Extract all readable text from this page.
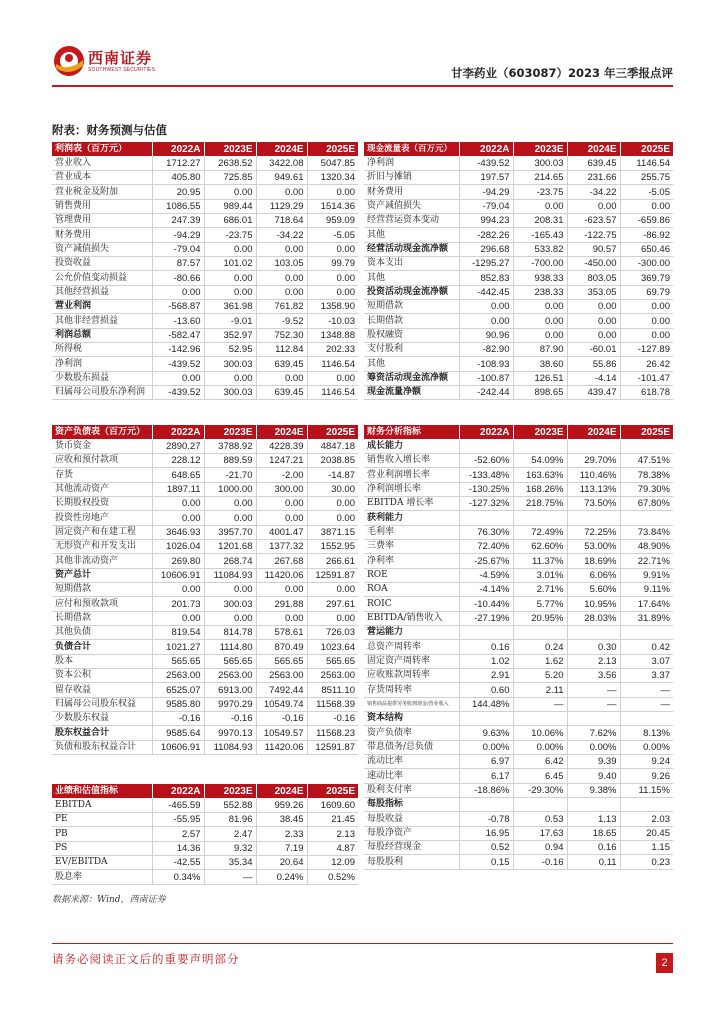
西南证券
SOUTHWEST SECURITIES	甘李药业（603087）2023 年三季报点评
附表：财务预测与估值
利润表（百万元）	2022A	2023E	2024E	2025E
营业收入	1712.27	2638.52	3422.08	5047.85
营业成本	405.80	725.85	949.61	1320.34
营业税金及附加	20.95	0.00	0.00	0.00
销售费用	1086.55	989.44	1129.29	1514.36
管理费用	247.39	686.01	718.64	959.09
财务费用	-94.29	-23.75	-34.22	-5.05
资产减值损失	-79.04	0.00	0.00	0.00
投资收益	87.57	101.02	103.05	99.79
公允价值变动损益	-80.66	0.00	0.00	0.00
其他经营损益	0.00	0.00	0.00	0.00
营业利润	-568.87	361.98	761.82	1358.90
其他非经营损益	-13.60	-9.01	-9.52	-10.03
利润总额	-582.47	352.97	752.30	1348.88
所得税	-142.96	52.95	112.84	202.33
净利润	-439.52	300.03	639.45	1146.54
少数股东损益	0.00	0.00	0.00	0.00
归属母公司股东净利润	-439.52	300.03	639.45	1146.54
现金流量表（百万元）	2022A	2023E	2024E	2025E
净利润	-439.52	300.03	639.45	1146.54
折旧与摊销	197.57	214.65	231.66	255.75
财务费用	-94.29	-23.75	-34.22	-5.05
资产减值损失	-79.04	0.00	0.00	0.00
经营营运资本变动	994.23	208.31	-623.57	-659.86
其他	-282.26	-165.43	-122.75	-86.92
经营活动现金流净额	296.68	533.82	90.57	650.46
资本支出	-1295.27	-700.00	-450.00	-300.00
其他	852.83	938.33	803.05	369.79
投资活动现金流净额	-442.45	238.33	353.05	69.79
短期借款	0.00	0.00	0.00	0.00
长期借款	0.00	0.00	0.00	0.00
股权融资	90.96	0.00	0.00	0.00
支付股利	-82.90	87.90	-60.01	-127.89
其他	-108.93	38.60	55.86	26.42
筹资活动现金流净额	-100.87	126.51	-4.14	-101.47
现金流量净额	-242.44	898.65	439.47	618.78
资产负债表（百万元）	2022A	2023E	2024E	2025E
货币资金	2890.27	3788.92	4228.39	4847.18
应收和预付款项	228.12	889.59	1247.21	2038.85
存货	648.65	-21.70	-2.00	-14.87
其他流动资产	1897.11	1000.00	300.00	30.00
长期股权投资	0.00	0.00	0.00	0.00
投资性房地产	0.00	0.00	0.00	0.00
固定资产和在建工程	3646.93	3957.70	4001.47	3871.15
无形资产和开发支出	1026.04	1201.68	1377.32	1552.95
其他非流动资产	269.80	268.74	267.68	266.61
资产总计	10606.91	11084.93	11420.06	12591.87
短期借款	0.00	0.00	0.00	0.00
应付和预收款项	201.73	300.03	291.88	297.61
长期借款	0.00	0.00	0.00	0.00
其他负债	819.54	814.78	578.61	726.03
负债合计	1021.27	1114.80	870.49	1023.64
股本	565.65	565.65	565.65	565.65
资本公积	2563.00	2563.00	2563.00	2563.00
留存收益	6525.07	6913.00	7492.44	8511.10
归属母公司股东权益	9585.80	9970.29	10549.74	11568.39
少数股东权益	-0.16	-0.16	-0.16	-0.16
股东权益合计	9585.64	9970.13	10549.57	11568.23
负债和股东权益合计	10606.91	11084.93	11420.06	12591.87
财务分析指标	2022A	2023E	2024E	2025E
成长能力				
销售收入增长率	-52.60%	54.09%	29.70%	47.51%
营业利润增长率	-133.48%	163.63%	110.46%	78.38%
净利润增长率	-130.25%	168.26%	113.13%	79.30%
EBITDA 增长率	-127.32%	218.75%	73.50%	67.80%
获利能力				
毛利率	76.30%	72.49%	72.25%	73.84%
三费率	72.40%	62.60%	53.00%	48.90%
净利率	-25.67%	11.37%	18.69%	22.71%
ROE	-4.59%	3.01%	6.06%	9.91%
ROA	-4.14%	2.71%	5.60%	9.11%
ROIC	-10.44%	5.77%	10.95%	17.64%
EBITDA/销售收入	-27.19%	20.95%	28.03%	31.89%
营运能力				
总资产周转率	0.16	0.24	0.30	0.42
固定资产周转率	1.02	1.62	2.13	3.07
应收账款周转率	2.91	5.20	3.56	3.37
存货周转率	0.60	2.11	—	—
销售商品提供劳务收到现金/营业收入	144.48%	—	—	—
资本结构				
资产负债率	9.63%	10.06%	7.62%	8.13%
带息债务/总负债	0.00%	0.00%	0.00%	0.00%
流动比率	6.97	6.42	9.39	9.24
速动比率	6.17	6.45	9.40	9.26
股利支付率	-18.86%	-29.30%	9.38%	11.15%
每股指标				
每股收益	-0.78	0.53	1.13	2.03
每股净资产	16.95	17.63	18.65	20.45
每股经营现金	0.52	0.94	0.16	1.15
每股股利	0.15	-0.16	0.11	0.23
业绩和估值指标	2022A	2023E	2024E	2025E
EBITDA	-465.59	552.88	959.26	1609.60
PE	-55.95	81.96	38.45	21.45
PB	2.57	2.47	2.33	2.13
PS	14.36	9.32	7.19	4.87
EV/EBITDA	-42.55	35.34	20.64	12.09
股息率	0.34%	—	0.24%	0.52%
数据来源：Wind，西南证券
请务必阅读正文后的重要声明部分	2
